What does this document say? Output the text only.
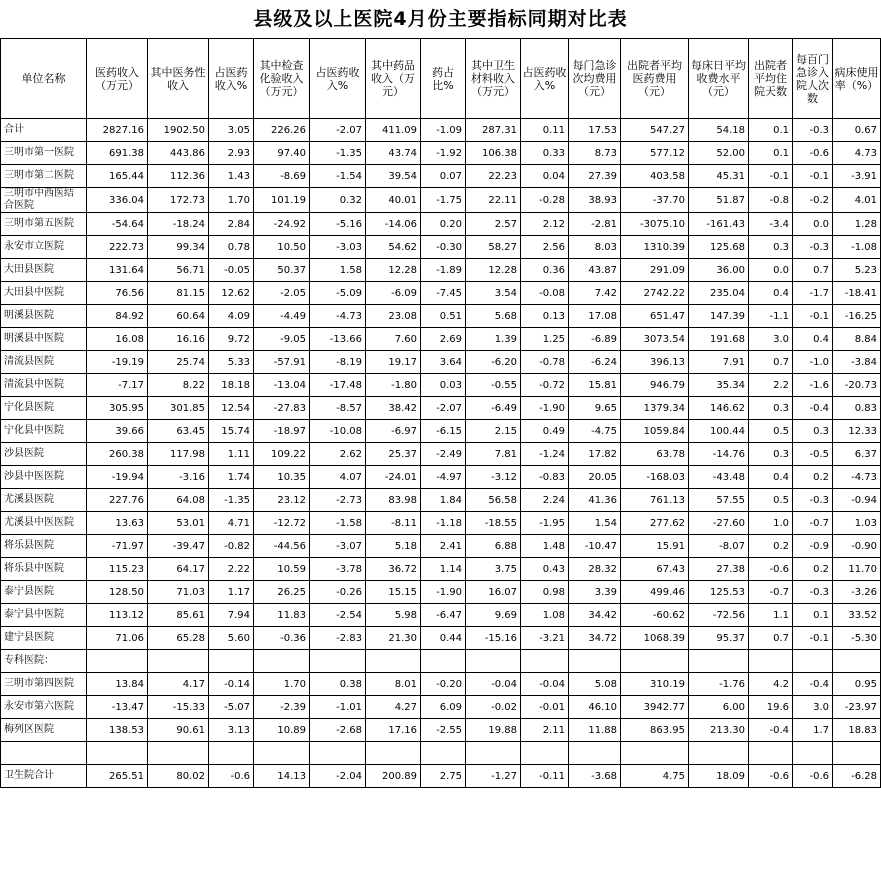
县级及以上医院4月份主要指标同期对比表
单位名称	医药收入（万元）	其中医务性收入	占医药收入%	其中检查化验收入（万元）	占医药收入%	其中药品收入（万元）	药占比%	其中卫生材料收入（万元）	占医药收入%	每门急诊次均费用（元）	出院者平均医药费用（元）	每床日平均收费水平（元）	出院者平均住院天数	每百门急诊入院人次数	病床使用率（%）
合计	2827.16	1902.50	3.05	226.26	-2.07	411.09	-1.09	287.31	0.11	17.53	547.27	54.18	0.1	-0.3	0.67
三明市第一医院	691.38	443.86	2.93	97.40	-1.35	43.74	-1.92	106.38	0.33	8.73	577.12	52.00	0.1	-0.6	4.73
三明市第二医院	165.44	112.36	1.43	-8.69	-1.54	39.54	0.07	22.23	0.04	27.39	403.58	45.31	-0.1	-0.1	-3.91
三明市中西医结合医院	336.04	172.73	1.70	101.19	0.32	40.01	-1.75	22.11	-0.28	38.93	-37.70	51.87	-0.8	-0.2	4.01
三明市第五医院	-54.64	-18.24	2.84	-24.92	-5.16	-14.06	0.20	2.57	2.12	-2.81	-3075.10	-161.43	-3.4	0.0	1.28
永安市立医院	222.73	99.34	0.78	10.50	-3.03	54.62	-0.30	58.27	2.56	8.03	1310.39	125.68	0.3	-0.3	-1.08
大田县医院	131.64	56.71	-0.05	50.37	1.58	12.28	-1.89	12.28	0.36	43.87	291.09	36.00	0.0	0.7	5.23
大田县中医院	76.56	81.15	12.62	-2.05	-5.09	-6.09	-7.45	3.54	-0.08	7.42	2742.22	235.04	0.4	-1.7	-18.41
明溪县医院	84.92	60.64	4.09	-4.49	-4.73	23.08	0.51	5.68	0.13	17.08	651.47	147.39	-1.1	-0.1	-16.25
明溪县中医院	16.08	16.16	9.72	-9.05	-13.66	7.60	2.69	1.39	1.25	-6.89	3073.54	191.68	3.0	0.4	8.84
清流县医院	-19.19	25.74	5.33	-57.91	-8.19	19.17	3.64	-6.20	-0.78	-6.24	396.13	7.91	0.7	-1.0	-3.84
清流县中医院	-7.17	8.22	18.18	-13.04	-17.48	-1.80	0.03	-0.55	-0.72	15.81	946.79	35.34	2.2	-1.6	-20.73
宁化县医院	305.95	301.85	12.54	-27.83	-8.57	38.42	-2.07	-6.49	-1.90	9.65	1379.34	146.62	0.3	-0.4	0.83
宁化县中医院	39.66	63.45	15.74	-18.97	-10.08	-6.97	-6.15	2.15	0.49	-4.75	1059.84	100.44	0.5	0.3	12.33
沙县医院	260.38	117.98	1.11	109.22	2.62	25.37	-2.49	7.81	-1.24	17.82	63.78	-14.76	0.3	-0.5	6.37
沙县中医医院	-19.94	-3.16	1.74	10.35	4.07	-24.01	-4.97	-3.12	-0.83	20.05	-168.03	-43.48	0.4	0.2	-4.73
尤溪县医院	227.76	64.08	-1.35	23.12	-2.73	83.98	1.84	56.58	2.24	41.36	761.13	57.55	0.5	-0.3	-0.94
尤溪县中医医院	13.63	53.01	4.71	-12.72	-1.58	-8.11	-1.18	-18.55	-1.95	1.54	277.62	-27.60	1.0	-0.7	1.03
将乐县医院	-71.97	-39.47	-0.82	-44.56	-3.07	5.18	2.41	6.88	1.48	-10.47	15.91	-8.07	0.2	-0.9	-0.90
将乐县中医院	115.23	64.17	2.22	10.59	-3.78	36.72	1.14	3.75	0.43	28.32	67.43	27.38	-0.6	0.2	11.70
泰宁县医院	128.50	71.03	1.17	26.25	-0.26	15.15	-1.90	16.07	0.98	3.39	499.46	125.53	-0.7	-0.3	-3.26
泰宁县中医院	113.12	85.61	7.94	11.83	-2.54	5.98	-6.47	9.69	1.08	34.42	-60.62	-72.56	1.1	0.1	33.52
建宁县医院	71.06	65.28	5.60	-0.36	-2.83	21.30	0.44	-15.16	-3.21	34.72	1068.39	95.37	0.7	-0.1	-5.30
专科医院：															
三明市第四医院	13.84	4.17	-0.14	1.70	0.38	8.01	-0.20	-0.04	-0.04	5.08	310.19	-1.76	4.2	-0.4	0.95
永安市第六医院	-13.47	-15.33	-5.07	-2.39	-1.01	4.27	6.09	-0.02	-0.01	46.10	3942.77	6.00	19.6	3.0	-23.97
梅列区医院	138.53	90.61	3.13	10.89	-2.68	17.16	-2.55	19.88	2.11	11.88	863.95	213.30	-0.4	1.7	18.83

卫生院合计	265.51	80.02	-0.6	14.13	-2.04	200.89	2.75	-1.27	-0.11	-3.68	4.75	18.09	-0.6	-0.6	-6.28
